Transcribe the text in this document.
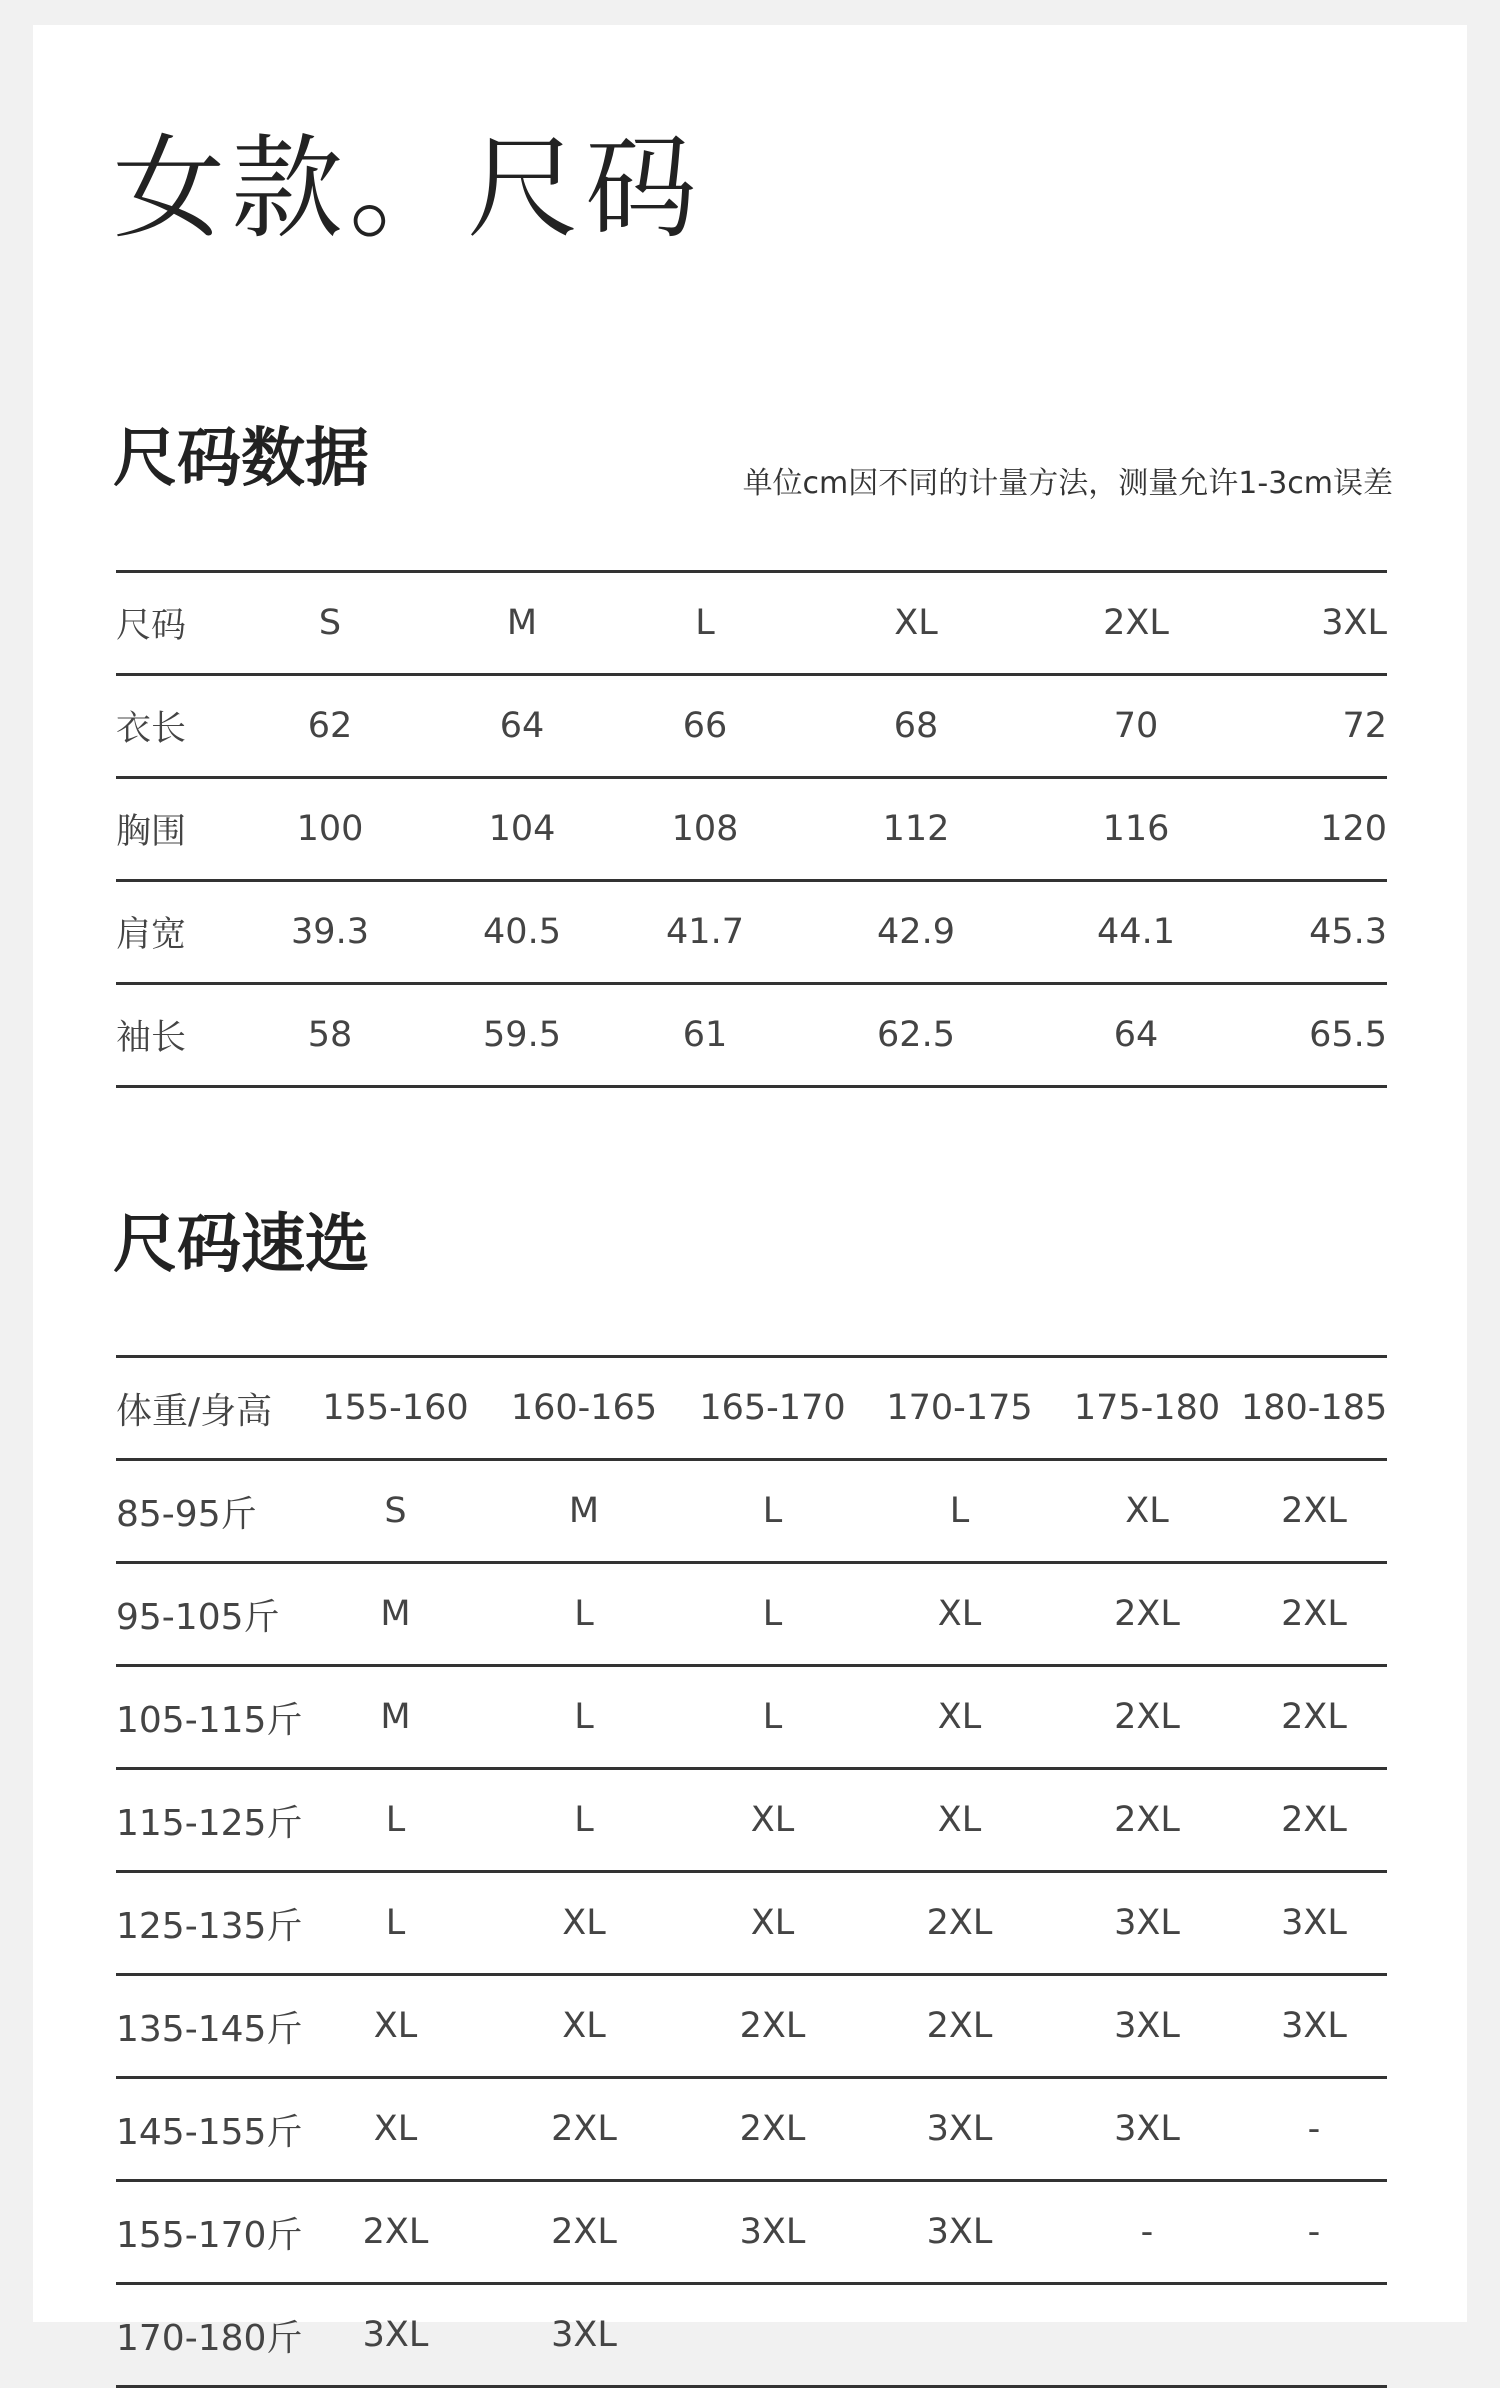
女款。尺码
尺码数据	单位cm因不同的计量方法，测量允许1-3cm误差
尺码	S	M	L	XL	2XL	3XL
衣长	62	64	66	68	70	72
胸围	100	104	108	112	116	120
肩宽	39.3	40.5	41.7	42.9	44.1	45.3
袖长	58	59.5	61	62.5	64	65.5
尺码速选
体重/身高	155-160	160-165	165-170	170-175	175-180	180-185
85-95斤	S	M	L	L	XL	2XL
95-105斤	M	L	L	XL	2XL	2XL
105-115斤	M	L	L	XL	2XL	2XL
115-125斤	L	L	XL	XL	2XL	2XL
125-135斤	L	XL	XL	2XL	3XL	3XL
135-145斤	XL	XL	2XL	2XL	3XL	3XL
145-155斤	XL	2XL	2XL	3XL	3XL	-
155-170斤	2XL	2XL	3XL	3XL	-	-
170-180斤	3XL	3XL				
